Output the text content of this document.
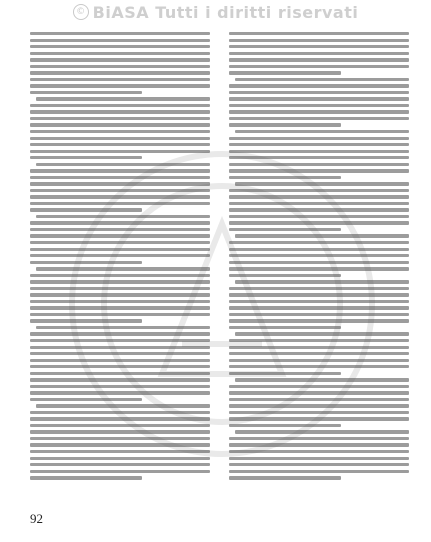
© BiASA Tutti i diritti riservati
92
